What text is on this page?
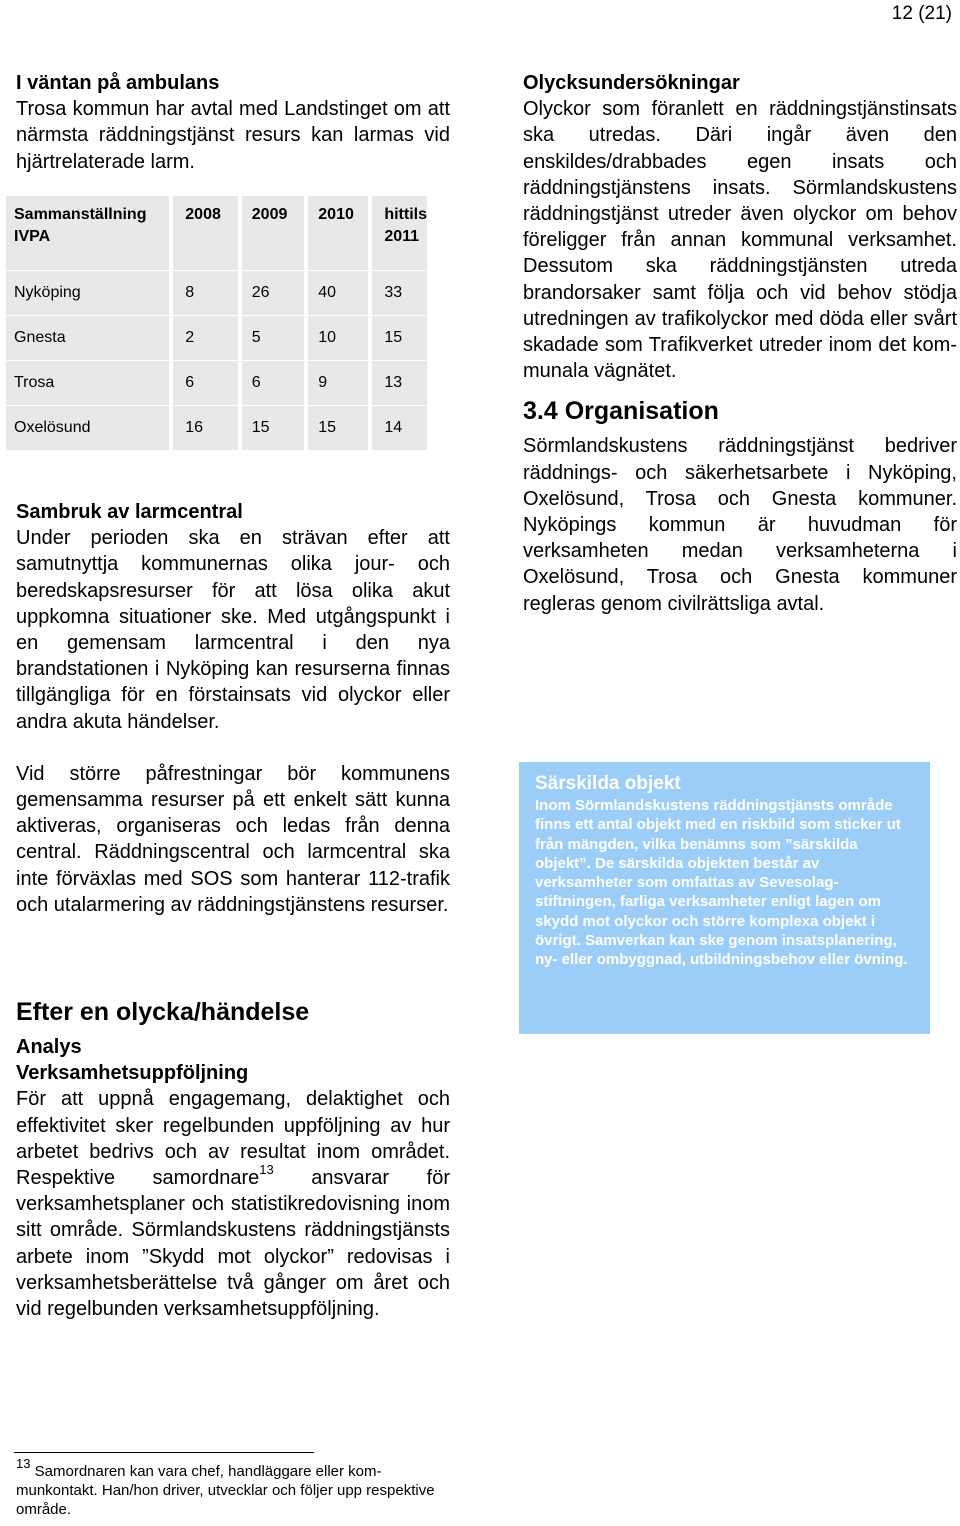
12 (21)
I väntan på ambulans

Trosa kommun har avtal med Landstinget om att närmsta räddningstjänst resurs kan larmas vid hjärtrelaterade larm.

Sammanställning IVPA	2008	2009	2010	hittils 2011
Nyköping	8	26	40	33
Gnesta	2	5	10	15
Trosa	6	6	9	13
Oxelösund	16	15	15	14
Sambruk av larmcentral

Under perioden ska en strävan efter att samutnyttja kommunernas olika jour- och beredskapsresurser för att lösa olika akut uppkomna situationer ske. Med utgångspunkt i en gemensam larmcentral i den nya brandstationen i Nyköping kan resurserna finnas tillgängliga för en förstainsats vid olyckor eller andra akuta händelser.

Vid större påfrestningar bör kommunens gemensamma resurser på ett enkelt sätt kunna aktiveras, organiseras och ledas från denna central. Räddningscentral och larmcentral ska inte förväxlas med SOS som hanterar 112-trafik och utalarmering av räddningstjänstens resurser.

Efter en olycka/händelse
Analys
Verksamhetsuppföljning

För att uppnå engagemang, delaktighet och effektivitet sker regelbunden uppföljning av hur arbetet bedrivs och av resultat inom området. Respektive samordnare$^{13}$ ansvarar för verksamhetsplaner och statistikredovisning inom sitt område. Sörmlandskustens räddningstjänsts arbete inom ”Skydd mot olyckor” redovisas i verksamhetsberättelse två gånger om året och vid regelbunden verksamhetsuppföljning.

Olycksundersökningar

Olyckor som föranlett en räddningstjänstinsats ska utredas. Däri ingår även den enskildes/drabbades egen insats och räddningstjänstens insats. Sörmlandskustens räddningstjänst utreder även olyckor om behov föreligger från annan kommunal verksamhet. Dessutom ska räddningstjänsten utreda brandorsaker samt följa och vid behov stödja utredningen av trafikolyckor med döda eller svårt skadade som Trafikverket utreder inom det kommunala vägnätet.

3.4 Organisation

Sörmlandskustens räddningstjänst bedriver räddnings- och säkerhetsarbete i Nyköping, Oxelösund, Trosa och Gnesta kommuner. Nyköpings kommun är huvudman för verksamheten medan verksamheterna i Oxelösund, Trosa och Gnesta kommuner regleras genom civilrättsliga avtal.

Särskilda objekt

Inom Sörmlandskustens räddningstjänsts område finns ett antal objekt med en riskbild som sticker ut från mängden, vilka benämns som ”särskilda objekt”. De särskilda objekten består av verksamheter som omfattas av Sevesolagstiftningen, farliga verksamheter enligt lagen om skydd mot olyckor och större komplexa objekt i övrigt. Samverkan kan ske genom insatsplanering, ny- eller ombyggnad, utbildningsbehov eller övning.

$^{13}$ Samordnaren kan vara chef, handläggare eller kommunkontakt. Han/hon driver, utvecklar och följer upp respektive område.
